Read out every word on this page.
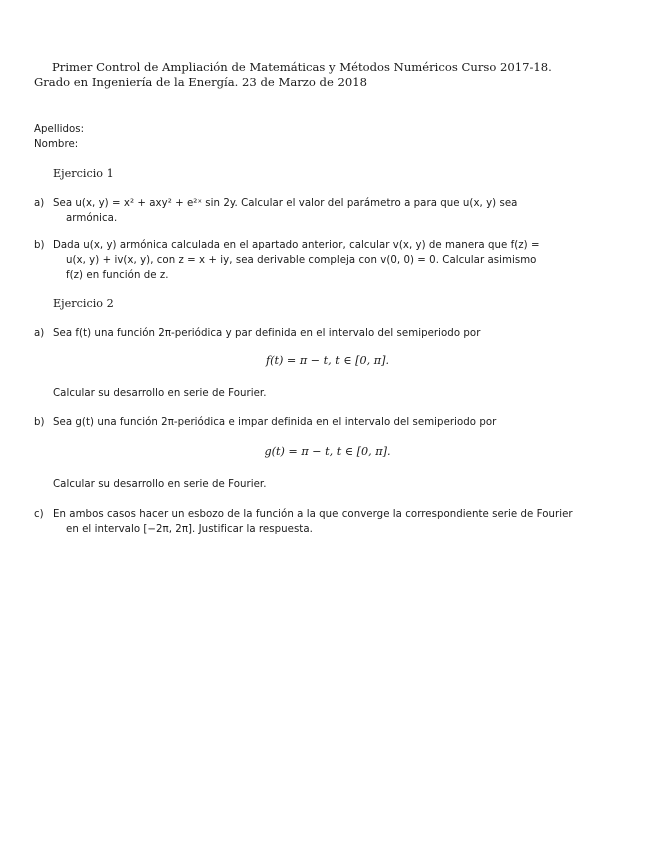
Primer Control de Ampliación de Matemáticas y Métodos Numéricos Curso 2017-18.
Grado en Ingeniería de la Energía. 23 de Marzo de 2018
Apellidos:
Nombre:
Ejercicio 1
a) Sea u(x, y) = x² + axy² + e²ˣ sin 2y. Calcular el valor del parámetro a para que u(x, y) sea
armónica.
b) Dada u(x, y) armónica calculada en el apartado anterior, calcular v(x, y) de manera que f(z) =
u(x, y) + iv(x, y), con z = x + iy, sea derivable compleja con v(0, 0) = 0. Calcular asimismo
f(z) en función de z.
Ejercicio 2
a) Sea f(t) una función 2π-periódica y par definida en el intervalo del semiperiodo por
f(t) = π − t, t ∈ [0, π].
Calcular su desarrollo en serie de Fourier.
b) Sea g(t) una función 2π-periódica e impar definida en el intervalo del semiperiodo por
g(t) = π − t, t ∈ [0, π].
Calcular su desarrollo en serie de Fourier.
c) En ambos casos hacer un esbozo de la función a la que converge la correspondiente serie de Fourier
en el intervalo [−2π, 2π]. Justificar la respuesta.
